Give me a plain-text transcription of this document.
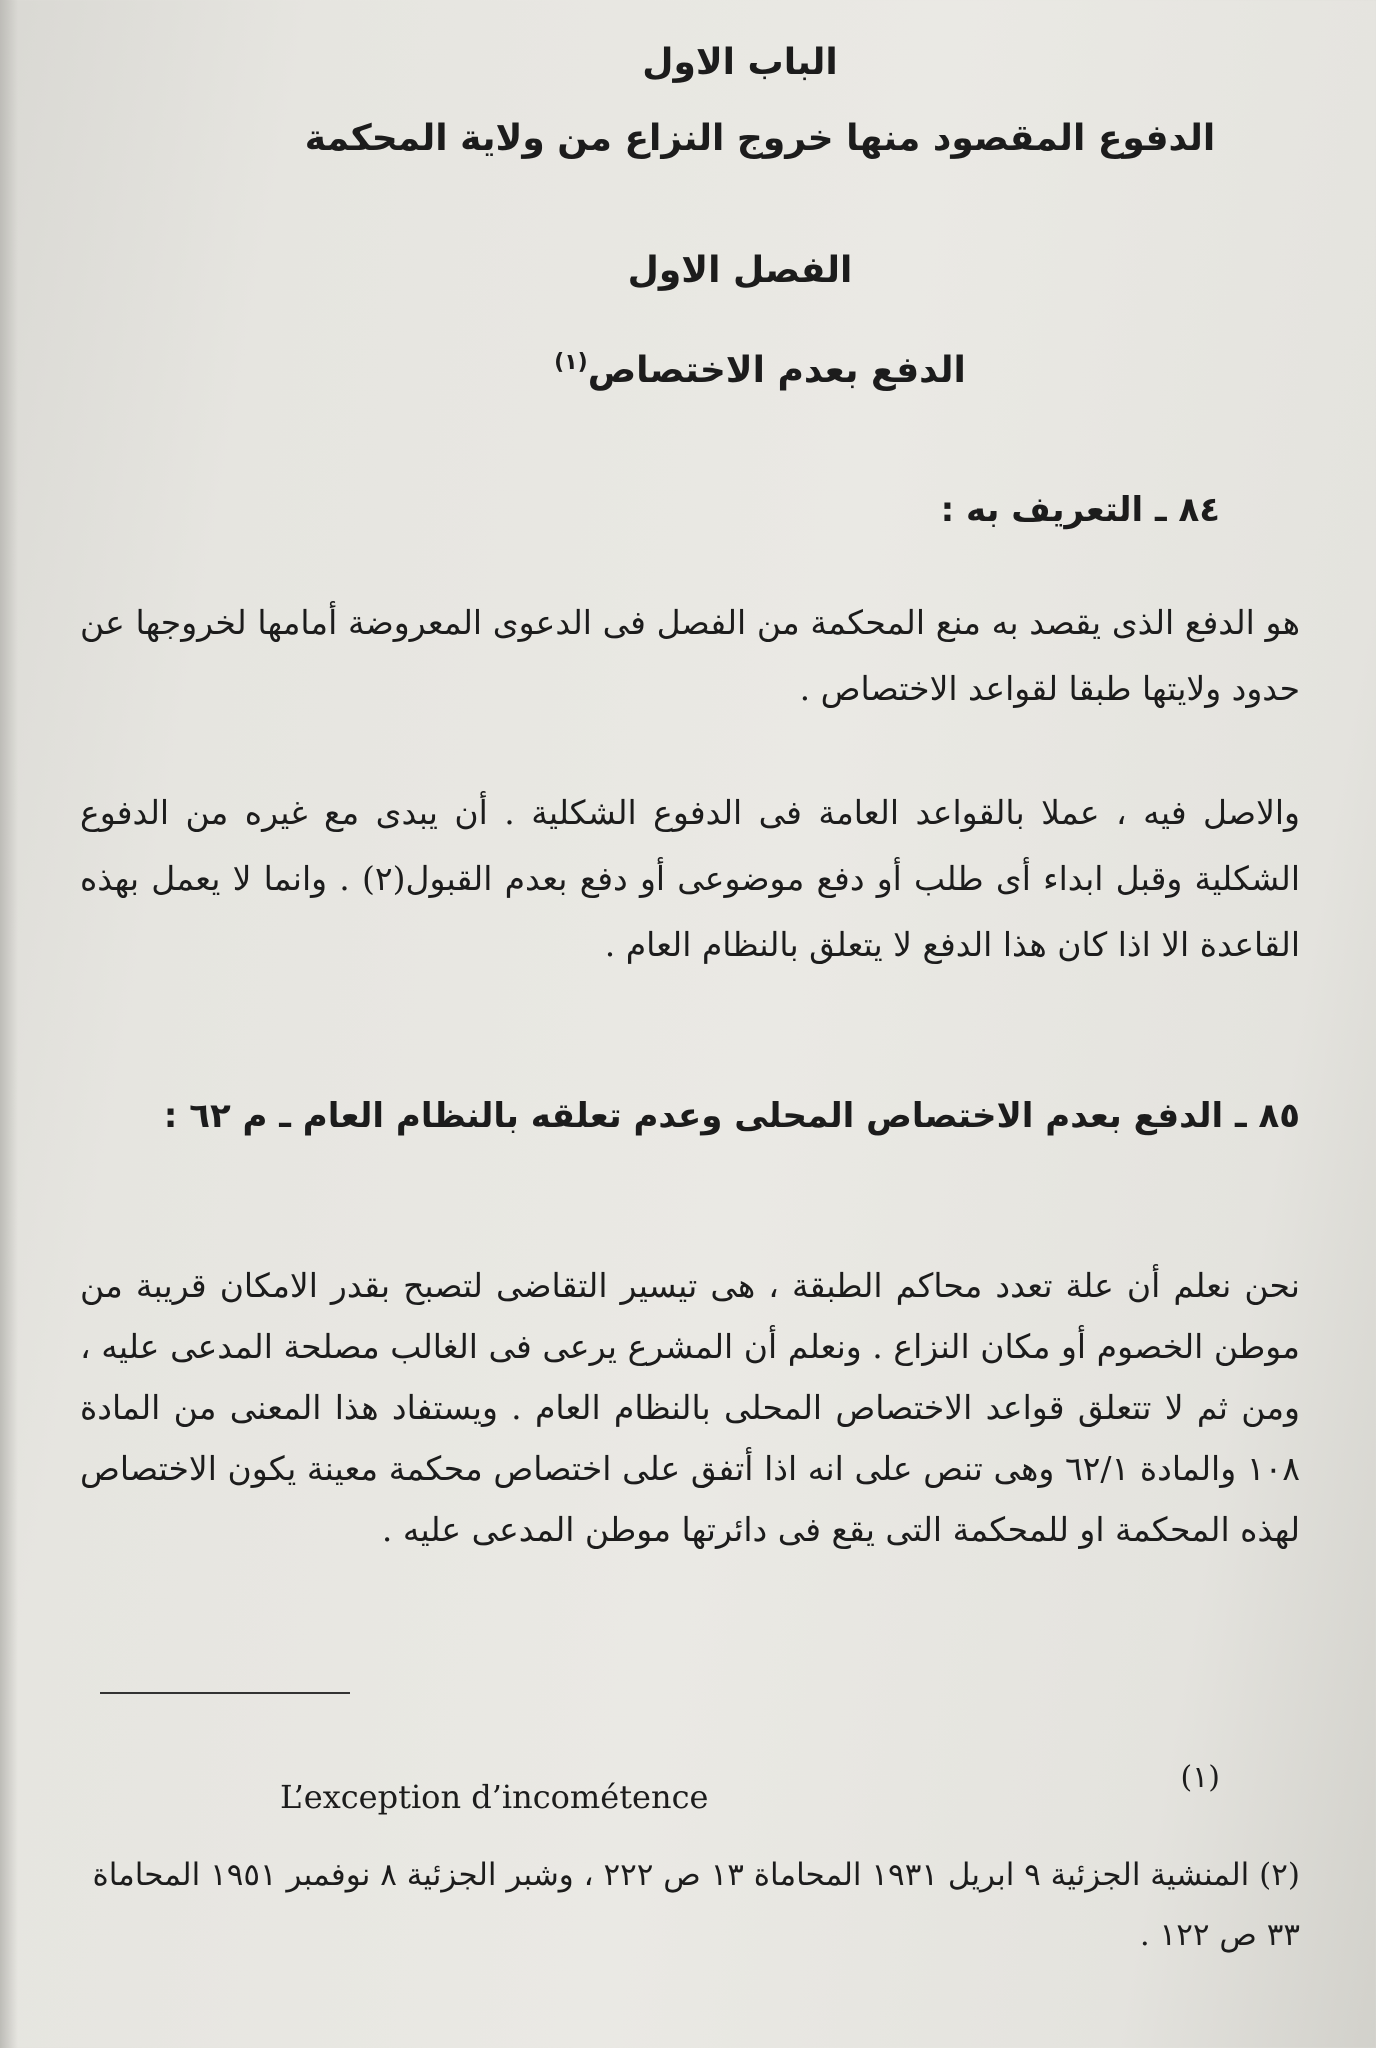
الباب الاول
الدفوع المقصود منها خروج النزاع من ولاية المحكمة
الفصل الاول
الدفع بعدم الاختصاص$^{(١)}$
٨٤ ـ التعريف به :

هو الدفع الذى يقصد به منع المحكمة من الفصل فى الدعوى المعروضة أمامها لخروجها عن حدود ولايتها طبقا لقواعد الاختصاص .

والاصل فيه ، عملا بالقواعد العامة فى الدفوع الشكلية . أن يبدى مع غيره من الدفوع الشكلية وقبل ابداء أى طلب أو دفع موضوعى أو دفع بعدم القبول(٢) . وانما لا يعمل بهذه القاعدة الا اذا كان هذا الدفع لا يتعلق بالنظام العام .

٨٥ ـ الدفع بعدم الاختصاص المحلى وعدم تعلقه بالنظام العام ـ م ٦٢ :

نحن نعلم أن علة تعدد محاكم الطبقة ، هى تيسير التقاضى لتصبح بقدر الامكان قريبة من موطن الخصوم أو مكان النزاع . ونعلم أن المشرع يرعى فى الغالب مصلحة المدعى عليه ، ومن ثم لا تتعلق قواعد الاختصاص المحلى بالنظام العام . ويستفاد هذا المعنى من المادة ١٠٨ والمادة ٦٢/١ وهى تنص على انه اذا أتفق على اختصاص محكمة معينة يكون الاختصاص لهذه المحكمة او للمحكمة التى يقع فى دائرتها موطن المدعى عليه .

(١)

L’exception d’incométence

(٢) المنشية الجزئية ٩ ابريل ١٩٣١ المحاماة ١٣ ص ٢٢٢ ، وشبر الجزئية ٨ نوفمبر ١٩٥١ المحاماة ٣٣ ص ١٢٢ .
